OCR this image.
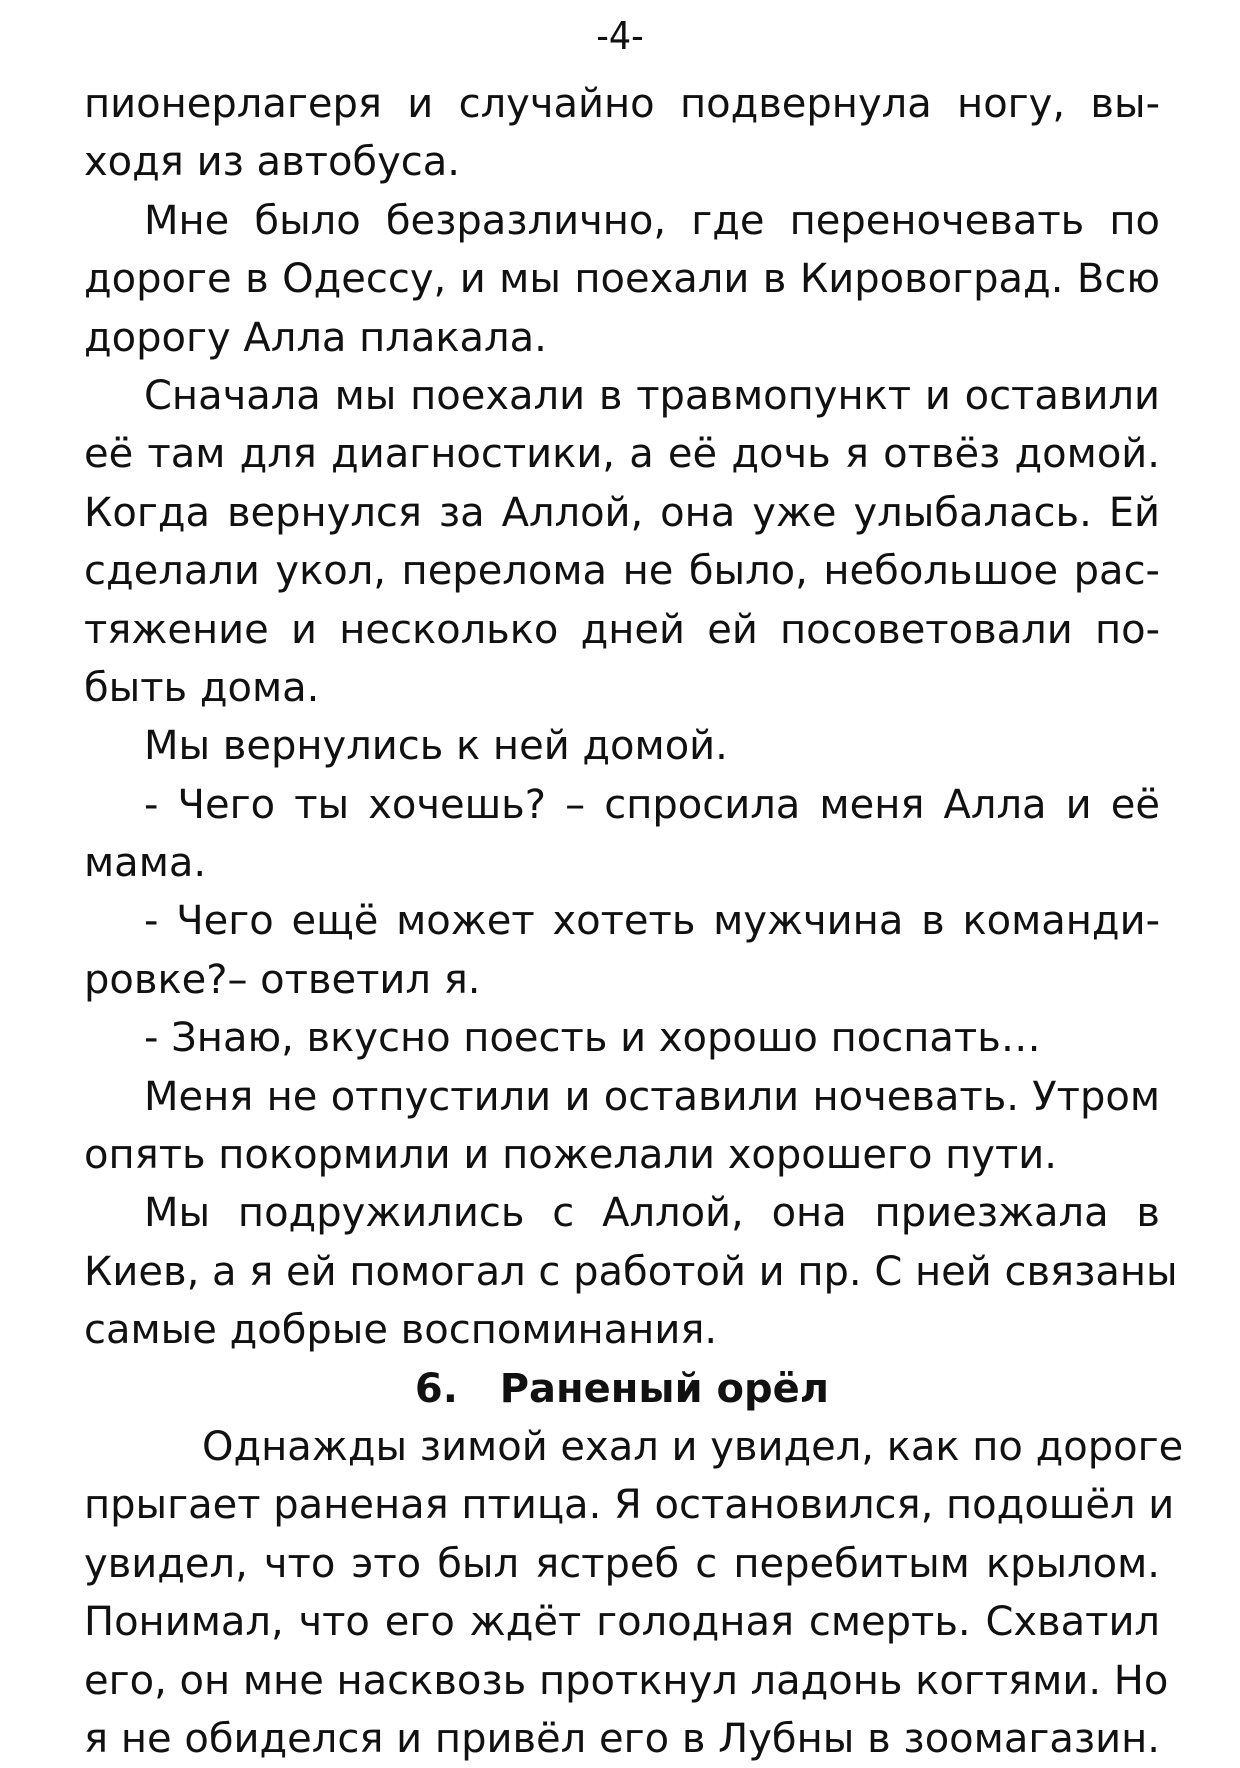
-4-
пионерлагеря и случайно подвернула ногу, вы-
ходя из автобуса.
Мне было безразлично, где переночевать по
дороге в Одессу, и мы поехали в Кировоград. Всю
дорогу Алла плакала.
Сначала мы поехали в травмопункт и оставили
её там для диагностики, а её дочь я отвёз домой.
Когда вернулся за Аллой, она уже улыбалась. Ей
сделали укол, перелома не было, небольшое рас-
тяжение и несколько дней ей посоветовали по-
быть дома.
Мы вернулись к ней домой.
- Чего ты хочешь? – спросила меня Алла и её
мама.
- Чего ещё может хотеть мужчина в команди-
ровке?– ответил я.
- Знаю, вкусно поесть и хорошо поспать…
Меня не отпустили и оставили ночевать. Утром
опять покормили и пожелали хорошего пути.
Мы подружились с Аллой, она приезжала в
Киев, а я ей помогал с работой и пр. С ней связаны
самые добрые воспоминания.
6.   Раненый орёл
Однажды зимой ехал и увидел, как по дороге
прыгает раненая птица. Я остановился, подошёл и
увидел, что это был ястреб с перебитым крылом.
Понимал, что его ждёт голодная смерть. Схватил
его, он мне насквозь проткнул ладонь когтями. Но
я не обиделся и привёл его в Лубны в зоомагазин.
